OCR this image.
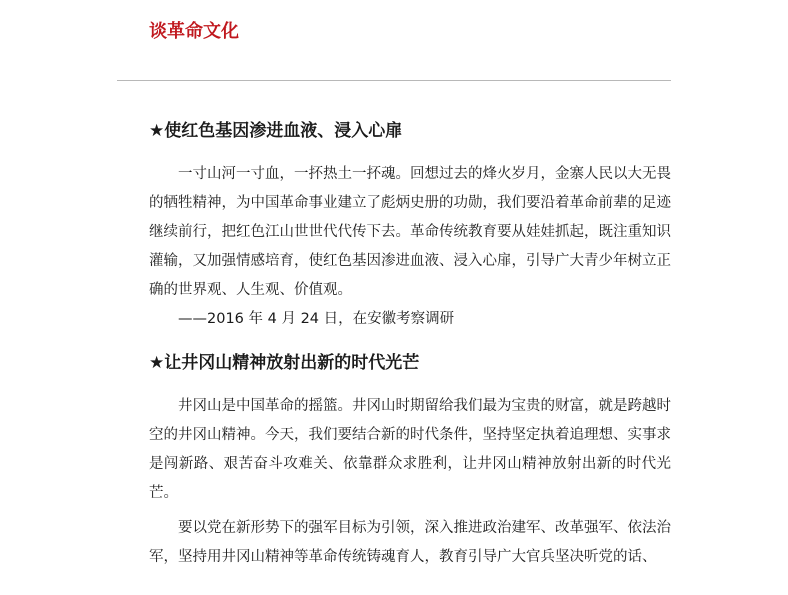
谈革命文化
★使红色基因渗进血液、浸入心扉

一寸山河一寸血，一抔热土一抔魂。回想过去的烽火岁月，金寨人民以大无畏的牺牲精神，为中国革命事业建立了彪炳史册的功勋，我们要沿着革命前辈的足迹继续前行，把红色江山世世代代传下去。革命传统教育要从娃娃抓起，既注重知识灌输，又加强情感培育，使红色基因渗进血液、浸入心扉，引导广大青少年树立正确的世界观、人生观、价值观。

——2016 年 4 月 24 日，在安徽考察调研

★让井冈山精神放射出新的时代光芒

井冈山是中国革命的摇篮。井冈山时期留给我们最为宝贵的财富，就是跨越时空的井冈山精神。今天，我们要结合新的时代条件，坚持坚定执着追理想、实事求是闯新路、艰苦奋斗攻难关、依靠群众求胜利，让井冈山精神放射出新的时代光芒。

要以党在新形势下的强军目标为引领，深入推进政治建军、改革强军、依法治军，坚持用井冈山精神等革命传统铸魂育人，教育引导广大官兵坚决听党的话、
